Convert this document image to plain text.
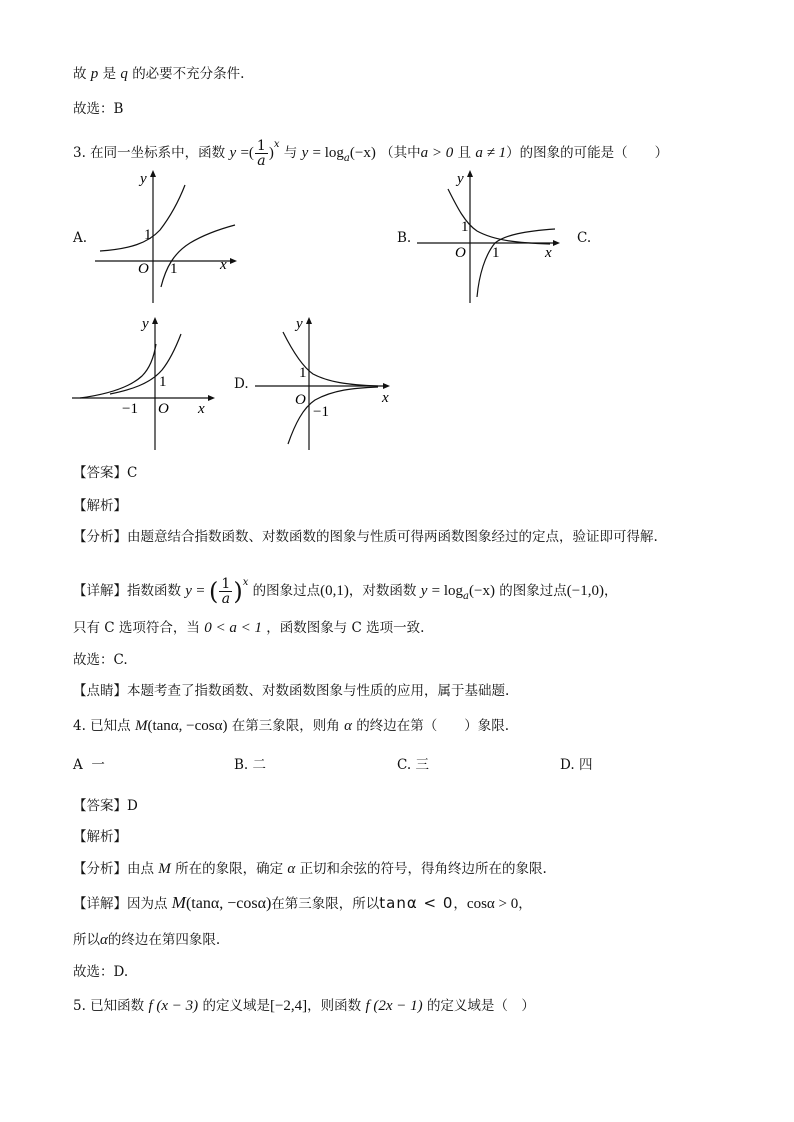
故 p 是 q 的必要不充分条件.
故选：B
3. 在同一坐标系中，函数 y =( $\frac{1}{a} )^x$ 与 $y = \log_a(-x)$ （其中a > 0 且 a ≠ 1）的图象的可能是（　　）
A.
y
x
O
1
1
B.
y
x
O
1
1
C.
y
x
O
1
−1
D.
y
x
O
1
−1
【答案】C
【解析】
【分析】由题意结合指数函数、对数函数的图象与性质可得两函数图象经过的定点，验证即可得解.
【详解】指数函数 y = ( $\frac{1}{a} )^x$ 的图象过点(0,1)，对数函数 $y = \log_a(-x)$ 的图象过点(−1,0)，
只有 C 选项符合，当 0 < a < 1 ，函数图象与 C 选项一致.
故选：C.
【点睛】本题考查了指数函数、对数函数图象与性质的应用，属于基础题.
4. 已知点 M(tanα, −cosα) 在第三象限，则角 α 的终边在第（　　）象限.
A 一	B. 二	C. 三	D. 四
【答案】D
【解析】
【分析】由点 M 所在的象限，确定 α 正切和余弦的符号，得角终边所在的象限.
【详解】因为点 M(tanα, −cosα)在第三象限，所以tanα < 0，cosα > 0，
所以α的终边在第四象限.
故选：D.
5. 已知函数 f (x − 3) 的定义域是[−2,4]，则函数 f (2x − 1) 的定义域是（　）
